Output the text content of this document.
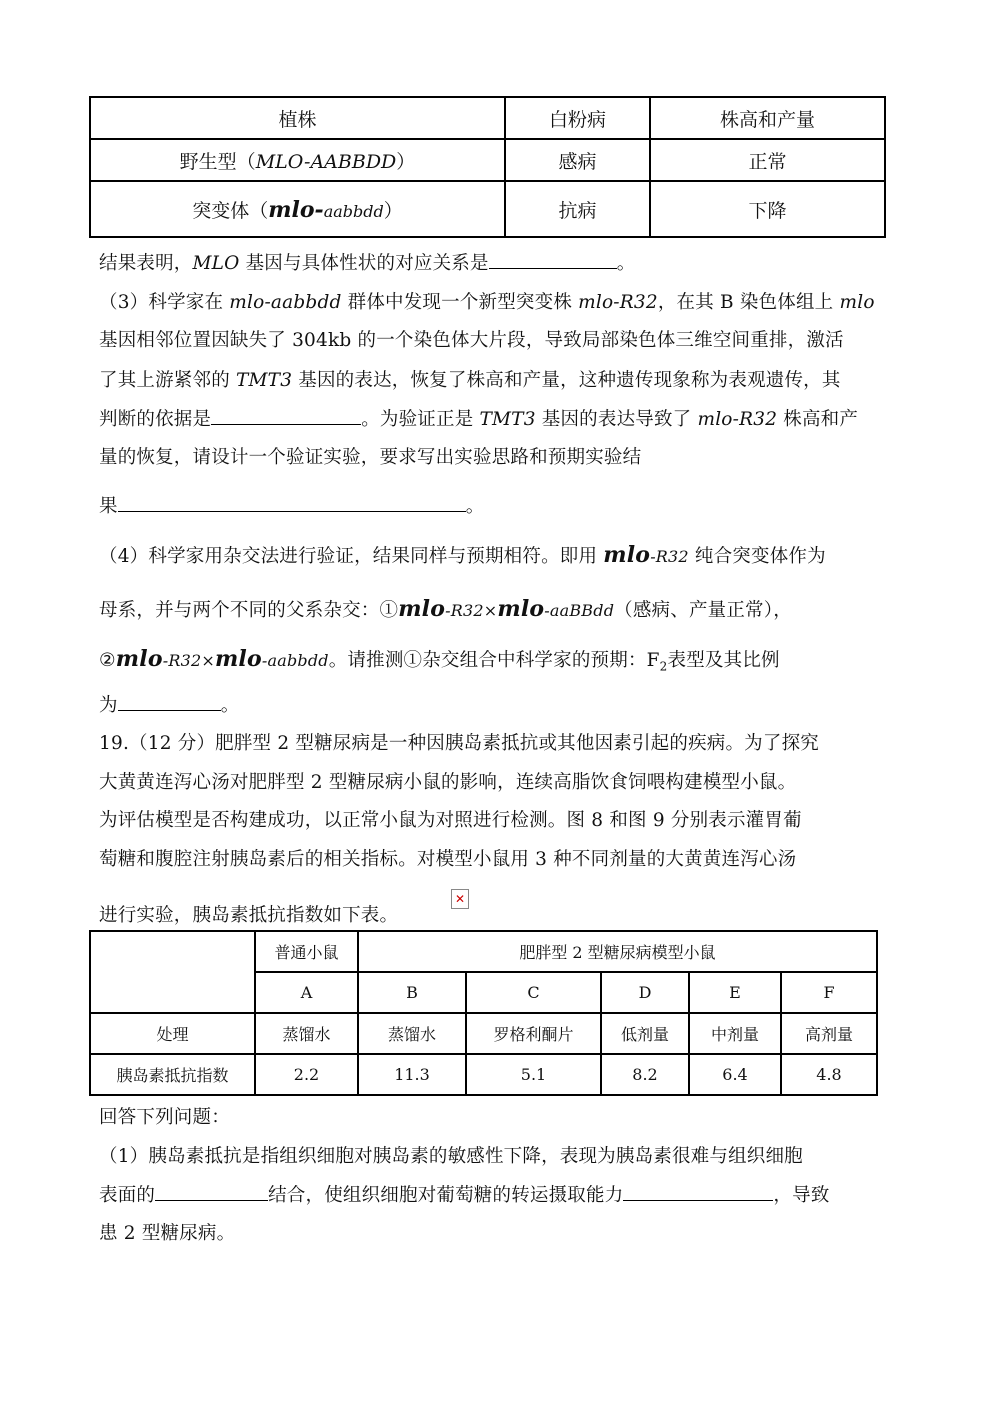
植株	白粉病	株高和产量
野生型（MLO-AABBDD）	感病	正常
突变体（mlo-aabbdd）	抗病	下降
结果表明，MLO 基因与具体性状的对应关系是	。
（3）科学家在 mlo-aabbdd 群体中发现一个新型突变株 mlo-R32，在其 B 染色体组上 mlo
基因相邻位置因缺失了 304kb 的一个染色体大片段，导致局部染色体三维空间重排，激活
了其上游紧邻的 TMT3 基因的表达，恢复了株高和产量，这种遗传现象称为表观遗传，其
判断的依据是	。为验证正是 TMT3 基因的表达导致了 mlo-R32 株高和产
量的恢复，请设计一个验证实验，要求写出实验思路和预期实验结
果	。
（4）科学家用杂交法进行验证，结果同样与预期相符。即用 mlo-R32 纯合突变体作为
母系，并与两个不同的父系杂交：①mlo-R32×mlo-aaBBdd（感病、产量正常），
②mlo-R32×mlo-aabbdd。请推测①杂交组合中科学家的预期：$F_2$表型及其比例
为	。
19.（12 分）肥胖型 2 型糖尿病是一种因胰岛素抵抗或其他因素引起的疾病。为了探究
大黄黄连泻心汤对肥胖型 2 型糖尿病小鼠的影响，连续高脂饮食饲喂构建模型小鼠。
为评估模型是否构建成功，以正常小鼠为对照进行检测。图 8 和图 9 分别表示灌胃葡
萄糖和腹腔注射胰岛素后的相关指标。对模型小鼠用 3 种不同剂量的大黄黄连泻心汤
进行实验，胰岛素抵抗指数如下表。
✕
	普通小鼠	肥胖型 2 型糖尿病模型小鼠				
	A	B	C	D	E	F
处理	蒸馏水	蒸馏水	罗格利酮片	低剂量	中剂量	高剂量
胰岛素抵抗指数	2.2	11.3	5.1	8.2	6.4	4.8
回答下列问题：
（1）胰岛素抵抗是指组织细胞对胰岛素的敏感性下降，表现为胰岛素很难与组织细胞
表面的	结合，使组织细胞对葡萄糖的转运摄取能力	，导致
患 2 型糖尿病。
